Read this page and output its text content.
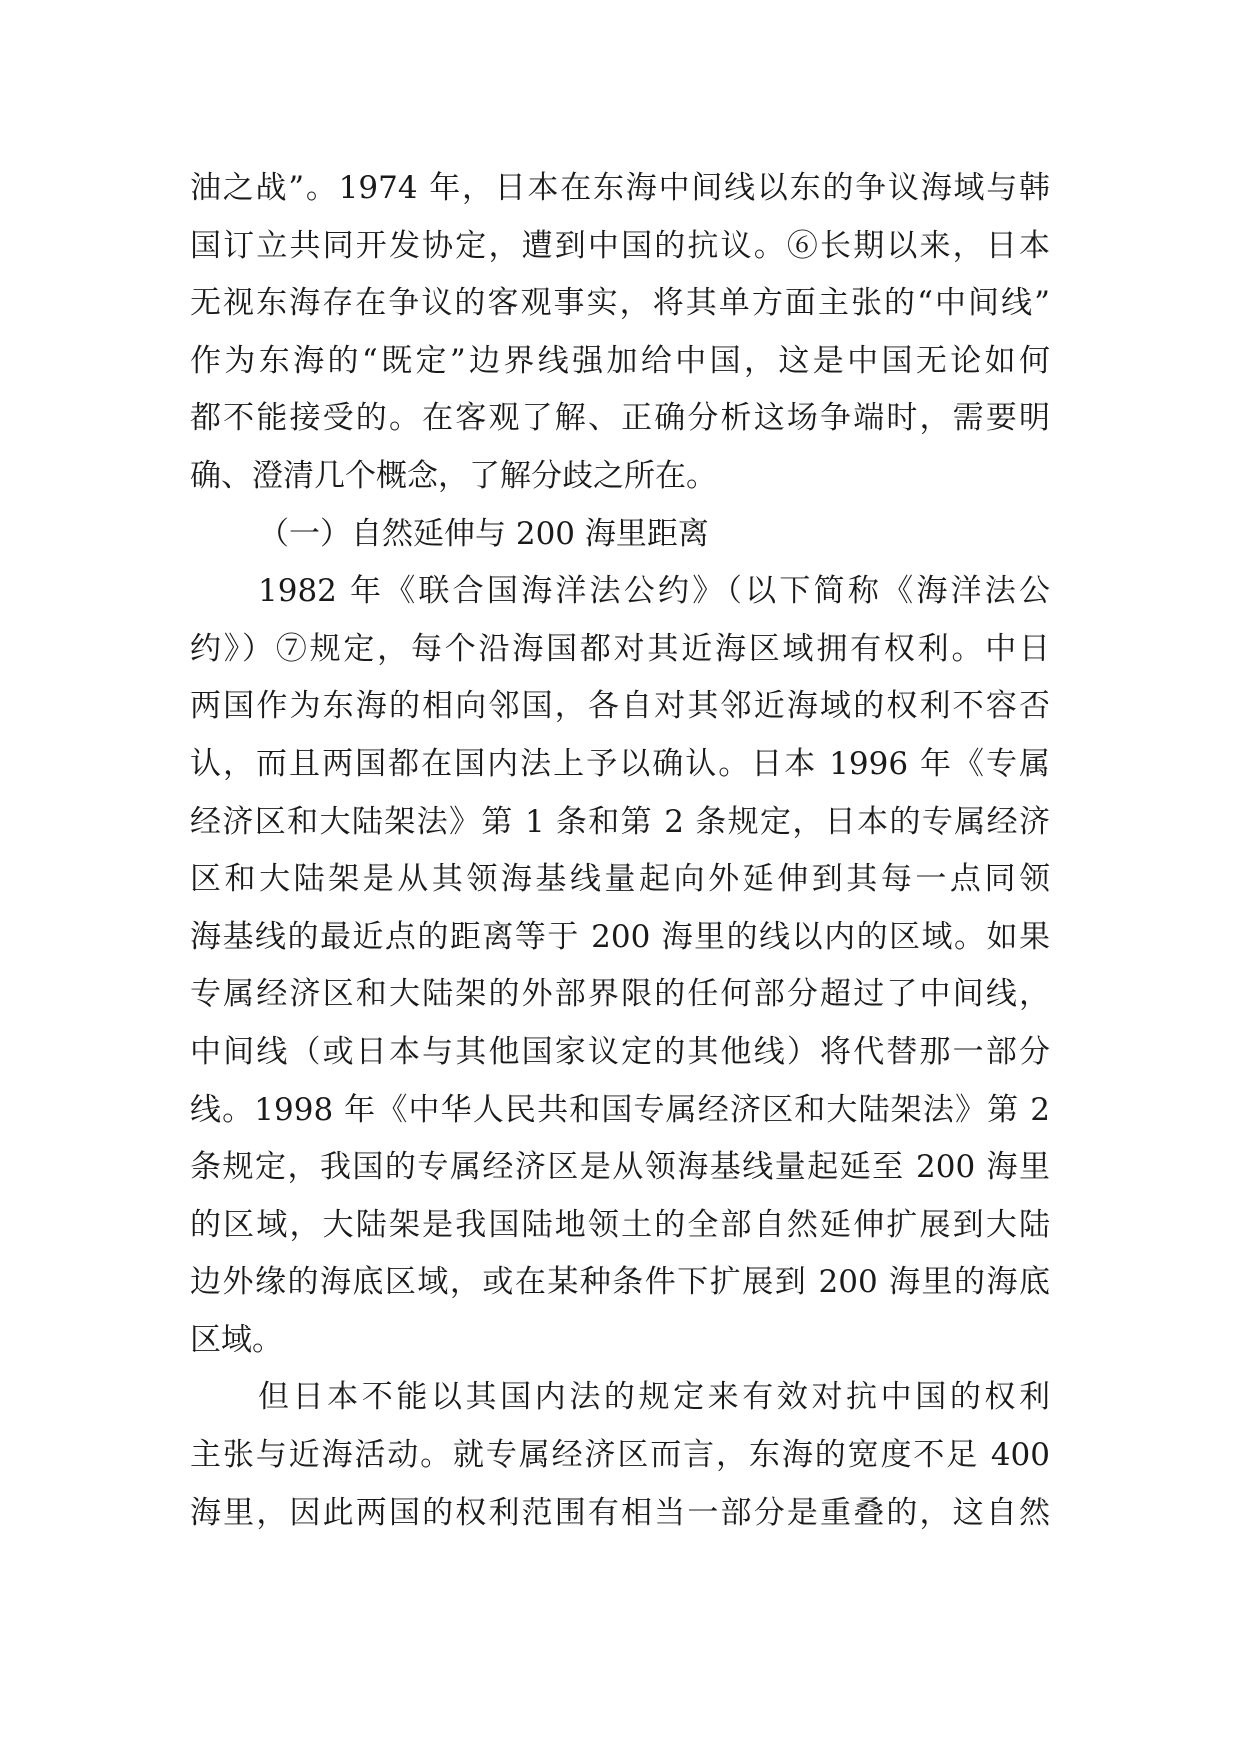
油之战”。1974 年，日本在东海中间线以东的争议海域与韩
国订立共同开发协定，遭到中国的抗议。⑥长期以来，日本
无视东海存在争议的客观事实，将其单方面主张的“中间线”
作为东海的“既定”边界线强加给中国，这是中国无论如何
都不能接受的。在客观了解、正确分析这场争端时，需要明
确、澄清几个概念，了解分歧之所在。
（一）自然延伸与 200 海里距离
1982 年《联合国海洋法公约》（以下简称《海洋法公
约》）⑦规定，每个沿海国都对其近海区域拥有权利。中日
两国作为东海的相向邻国，各自对其邻近海域的权利不容否
认，而且两国都在国内法上予以确认。日本 1996 年《专属
经济区和大陆架法》第 1 条和第 2 条规定，日本的专属经济
区和大陆架是从其领海基线量起向外延伸到其每一点同领
海基线的最近点的距离等于 200 海里的线以内的区域。如果
专属经济区和大陆架的外部界限的任何部分超过了中间线，
中间线（或日本与其他国家议定的其他线）将代替那一部分
线。1998 年《中华人民共和国专属经济区和大陆架法》第 2
条规定，我国的专属经济区是从领海基线量起延至 200 海里
的区域，大陆架是我国陆地领土的全部自然延伸扩展到大陆
边外缘的海底区域，或在某种条件下扩展到 200 海里的海底
区域。
但日本不能以其国内法的规定来有效对抗中国的权利
主张与近海活动。就专属经济区而言，东海的宽度不足 400
海里，因此两国的权利范围有相当一部分是重叠的，这自然
